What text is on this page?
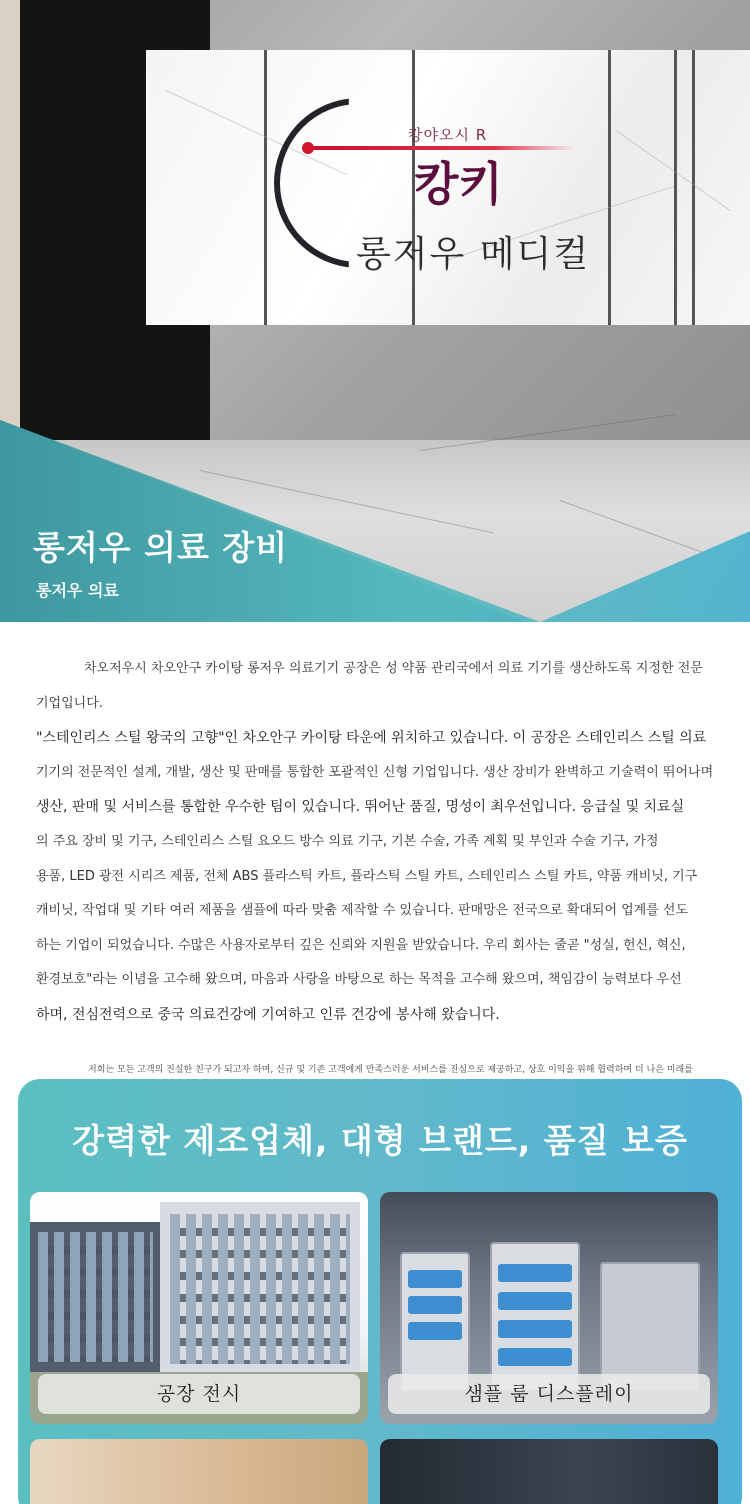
캉야오시 R
캉키
롱저우 메디컬
롱저우 의료 장비
롱저우 의료

차오저우시 차오안구 카이탕 롱저우 의료기기 공장은 성 약품 관리국에서 의료 기기를 생산하도록 지정한 전문 기업입니다.

"스테인리스 스틸 왕국의 고향"인 차오안구 카이탕 타운에 위치하고 있습니다. 이 공장은 스테인리스 스틸 의료

기기의 전문적인 설계, 개발, 생산 및 판매를 통합한 포괄적인 신형 기업입니다. 생산 장비가 완벽하고 기술력이 뛰어나며

생산, 판매 및 서비스를 통합한 우수한 팀이 있습니다. 뛰어난 품질, 명성이 최우선입니다. 응급실 및 치료실

의 주요 장비 및 기구, 스테인리스 스틸 요오드 방수 의료 기구, 기본 수술, 가족 계획 및 부인과 수술 기구, 가정

용품, LED 광전 시리즈 제품, 전체 ABS 플라스틱 카트, 플라스틱 스틸 카트, 스테인리스 스틸 카트, 약품 캐비닛, 기구

캐비닛, 작업대 및 기타 여러 제품을 샘플에 따라 맞춤 제작할 수 있습니다. 판매망은 전국으로 확대되어 업계를 선도

하는 기업이 되었습니다. 수많은 사용자로부터 깊은 신뢰와 지원을 받았습니다. 우리 회사는 줄곧 "성실, 헌신, 혁신,

환경보호"라는 이념을 고수해 왔으며, 마음과 사랑을 바탕으로 하는 목적을 고수해 왔으며, 책임감이 능력보다 우선

하며, 전심전력으로 중국 의료건강에 기여하고 인류 건강에 봉사해 왔습니다.

저희는 모든 고객의 진실한 친구가 되고자 하며, 신규 및 기존 고객에게 만족스러운 서비스를 진심으로 제공하고, 상호 이익을 위해 협력하며 더 나은 미래를

강력한 제조업체, 대형 브랜드, 품질 보증
공장 전시	샘플 룸 디스플레이
